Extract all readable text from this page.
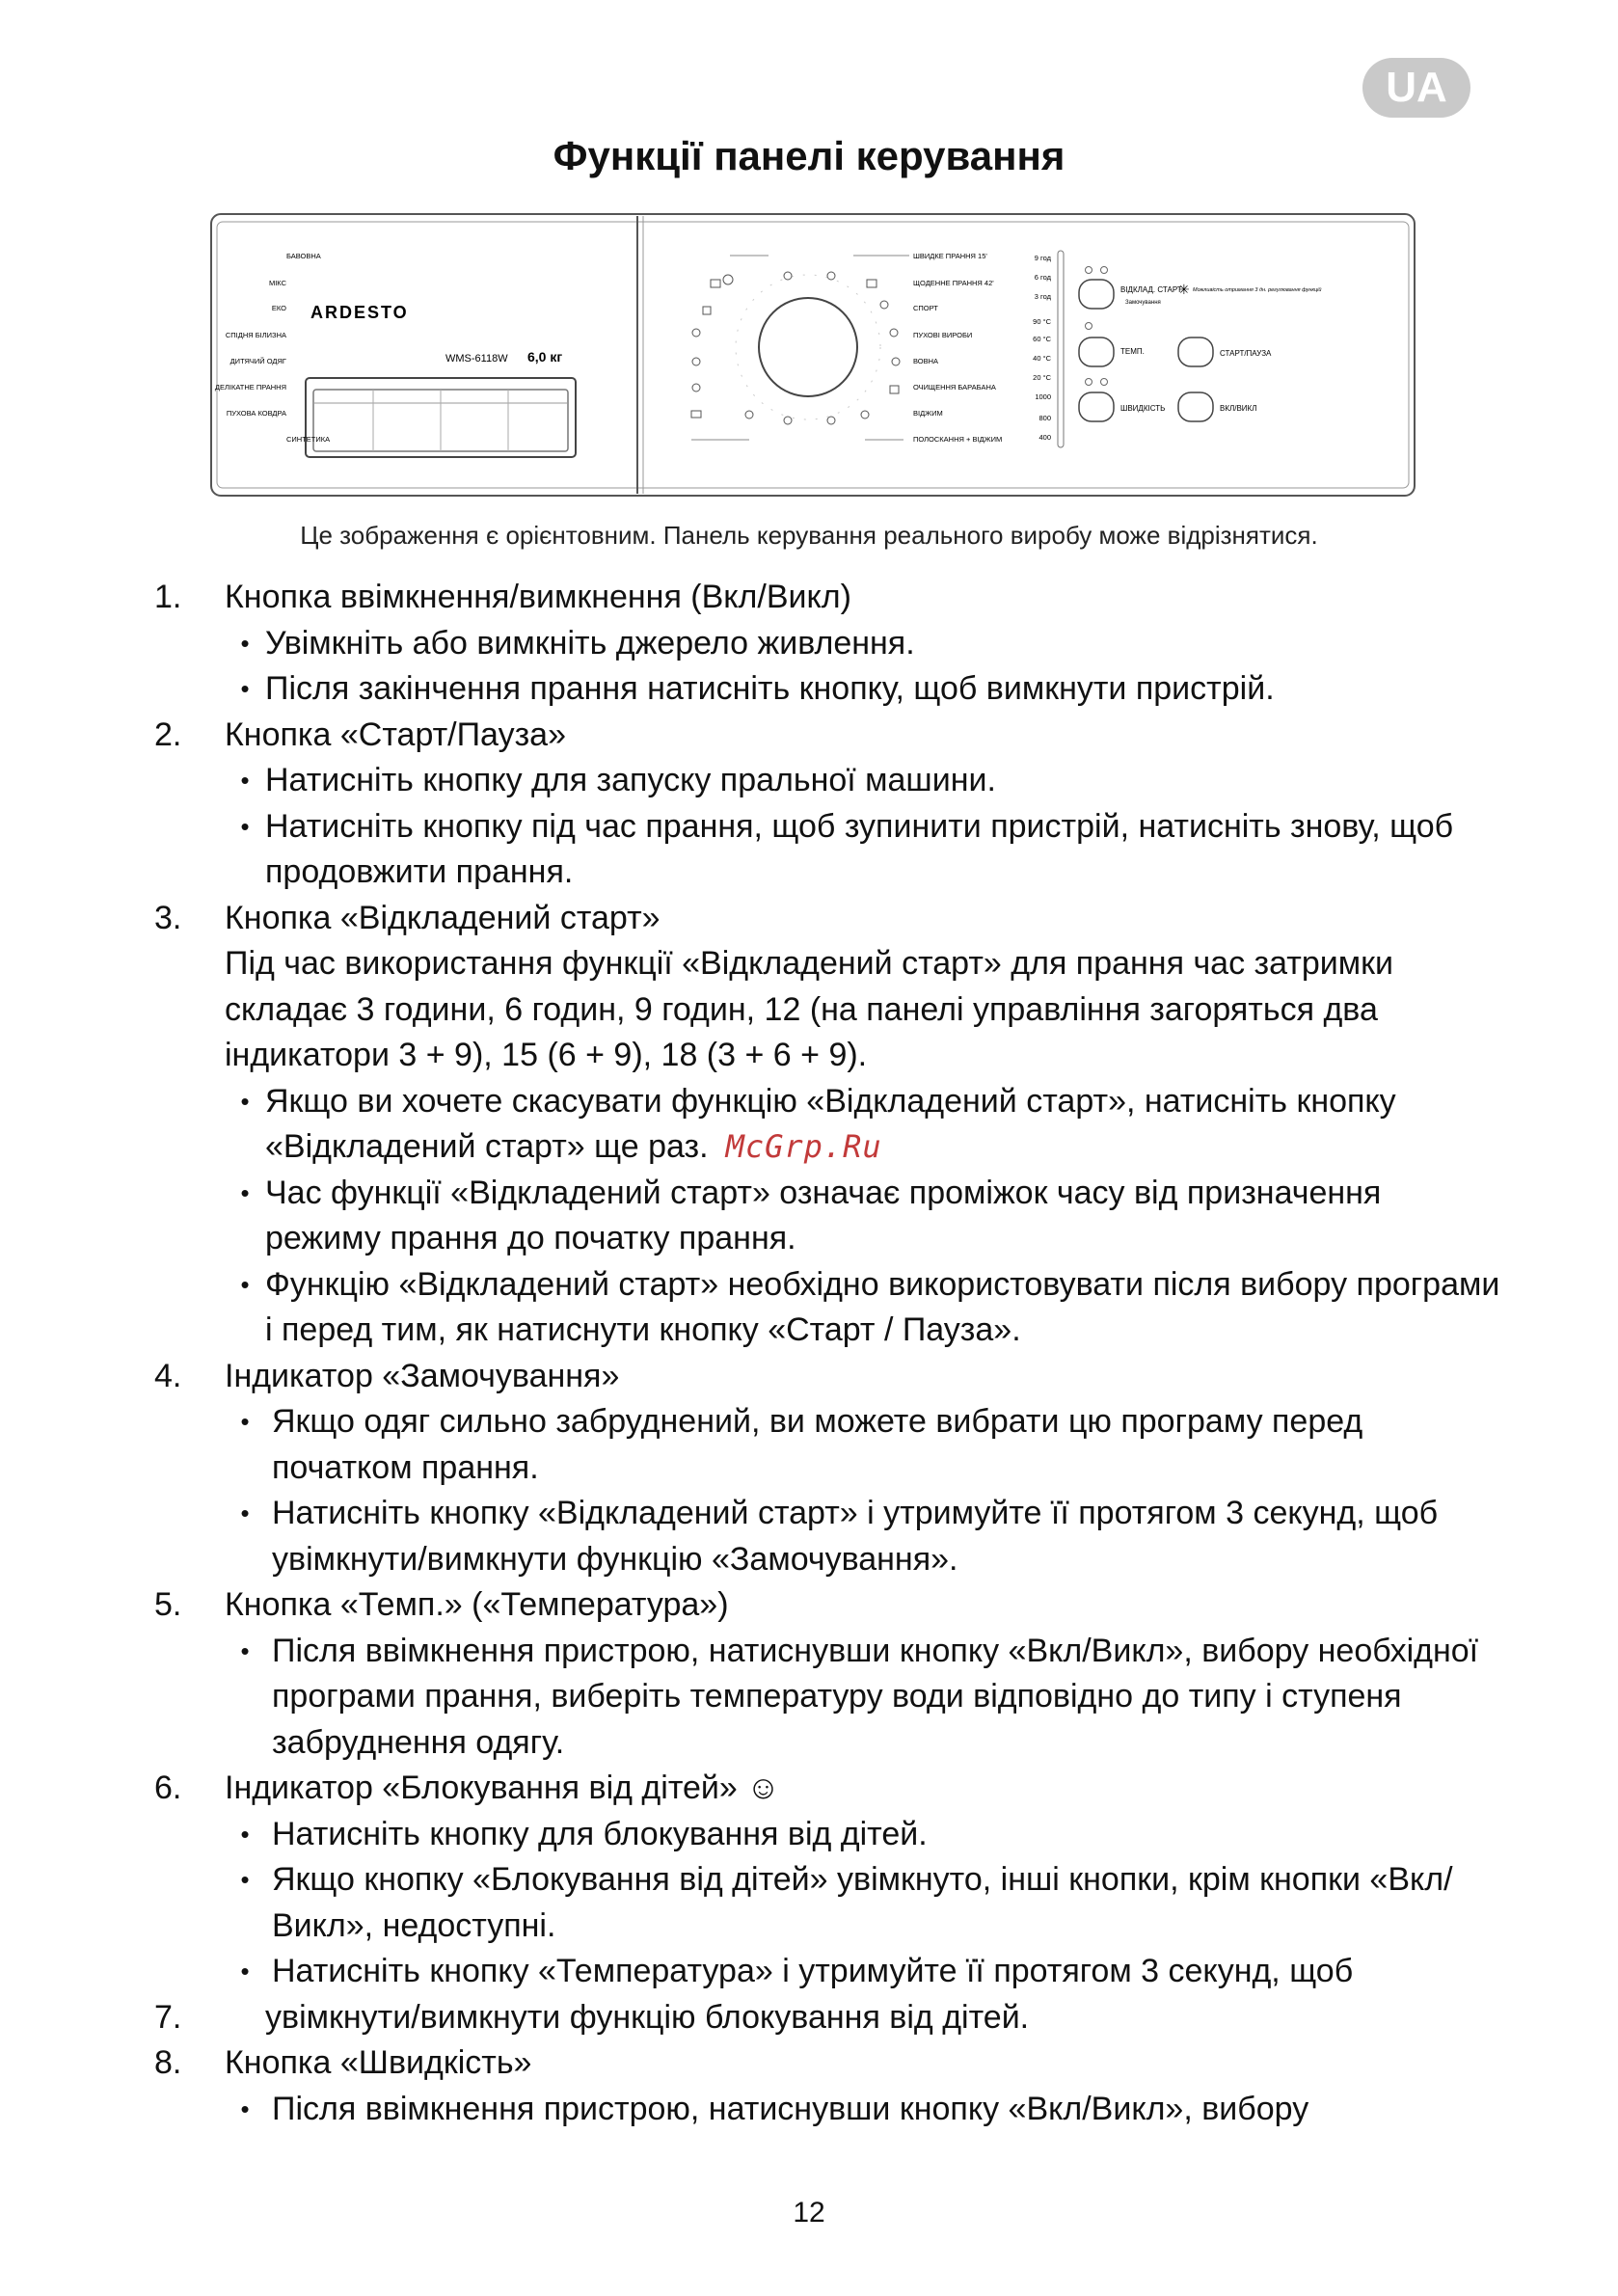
UA
Функції панелі керування
ARDESTO
WMS-6118W 6,0 кг
БАВОВНА
МІКС
ЕКО
СПІДНЯ БІЛИЗНА
ДИТЯЧИЙ ОДЯГ
ДЕЛІКАТНЕ ПРАННЯ
ПУХОВА КОВДРА
СИНТЕТИКА
ШВИДКЕ ПРАННЯ 15'
ЩОДЕННЕ ПРАННЯ 42'
СПОРТ
ПУХОВІ ВИРОБИ
ВОВНА
ОЧИЩЕННЯ БАРАБАНА
ВІДЖИМ
ПОЛОСКАННЯ + ВІДЖИМ
9 год
6 год
3 год
90 °C
60 °C
40 °C
20 °C
1000
800
400
ВІДКЛАД. СТАРТ
Замочування
ТЕМП.
ШВИДКІСТЬ
СТАРТ/ПАУЗА
ВКЛ/ВИКЛ
Можливість отримання 3 дн. регулювання функцій
✳
Це зображення є орієнтовним. Панель керування реального виробу може відрізнятися.
1.	Кнопка ввімкнення/вимкнення (Вкл/Викл)
• Увімкніть або вимкніть джерело живлення.
• Після закінчення прання натисніть кнопку, щоб вимкнути пристрій.
2.	Кнопка «Старт/Пауза»
• Натисніть кнопку для запуску пральної машини.
• Натисніть кнопку під час прання, щоб зупинити пристрій, натисніть знову, щоб продовжити прання.
3.	Кнопка «Відкладений старт»
Під час використання функції «Відкладений старт» для прання час затримки складає 3 години, 6 годин, 9 годин, 12 (на панелі управління загоряться два індикатори 3 + 9), 15 (6 + 9), 18 (3 + 6 + 9).
• Якщо ви хочете скасувати функцію «Відкладений старт», натисніть кнопку «Відкладений старт» ще раз. McGrp.Ru
• Час функції «Відкладений старт» означає проміжок часу від призначення режиму прання до початку прання.
• Функцію «Відкладений старт» необхідно використовувати після вибору програми і перед тим, як натиснути кнопку «Старт / Пауза».
4.	Індикатор «Замочування»
• Якщо одяг сильно забруднений, ви можете вибрати цю програму перед початком прання.
• Натисніть кнопку «Відкладений старт» і утримуйте її протягом 3 секунд, щоб увімкнути/вимкнути функцію «Замочування».
5.	Кнопка «Темп.» («Температура»)
• Після ввімкнення пристрою, натиснувши кнопку «Вкл/Викл», вибору необхідної програми прання, виберіть температуру води відповідно до типу і ступеня забруднення одягу.
6.	Індикатор «Блокування від дітей» ☺
• Натисніть кнопку для блокування від дітей.
• Якщо кнопку «Блокування від дітей» увімкнуто, інші кнопки, крім кнопки «Вкл/Викл», недоступні.
• Натисніть кнопку «Температура» і утримуйте її протягом 3 секунд, щоб
7.	увімкнути/вимкнути функцію блокування від дітей.
8.	Кнопка «Швидкість»
• Після ввімкнення пристрою, натиснувши кнопку «Вкл/Викл», вибору
12
